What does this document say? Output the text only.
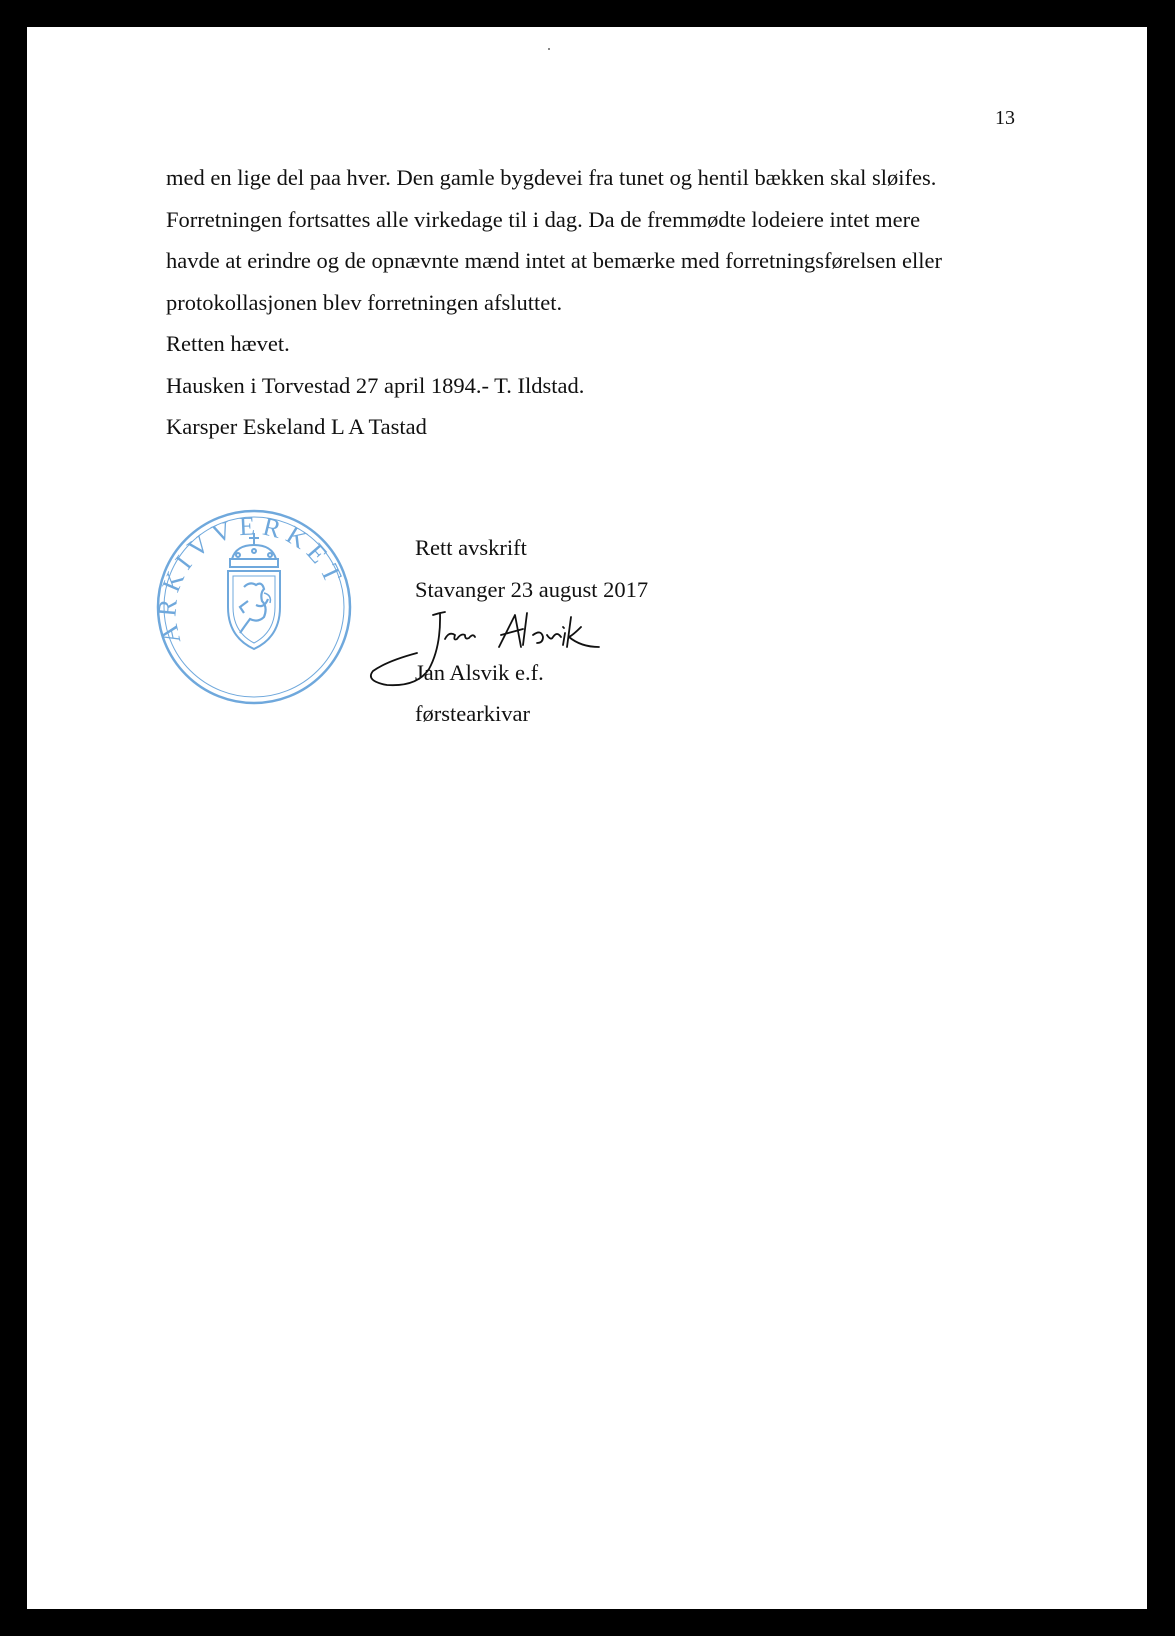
13
med en lige del paa hver. Den gamle bygdevei fra tunet og hentil bækken skal sløifes.
Forretningen fortsattes alle virkedage til i dag. Da de fremmødte lodeiere intet mere
havde at erindre og de opnævnte mænd intet at bemærke med forretningsførelsen eller
protokollasjonen blev forretningen afsluttet.
Retten hævet.
Hausken i Torvestad 27 april 1894.- T. Ildstad.
Karsper Eskeland L A Tastad
ARKIVVERKET
Rett avskrift
Stavanger 23 august 2017
Jan Alsvik e.f.
førstearkivar
